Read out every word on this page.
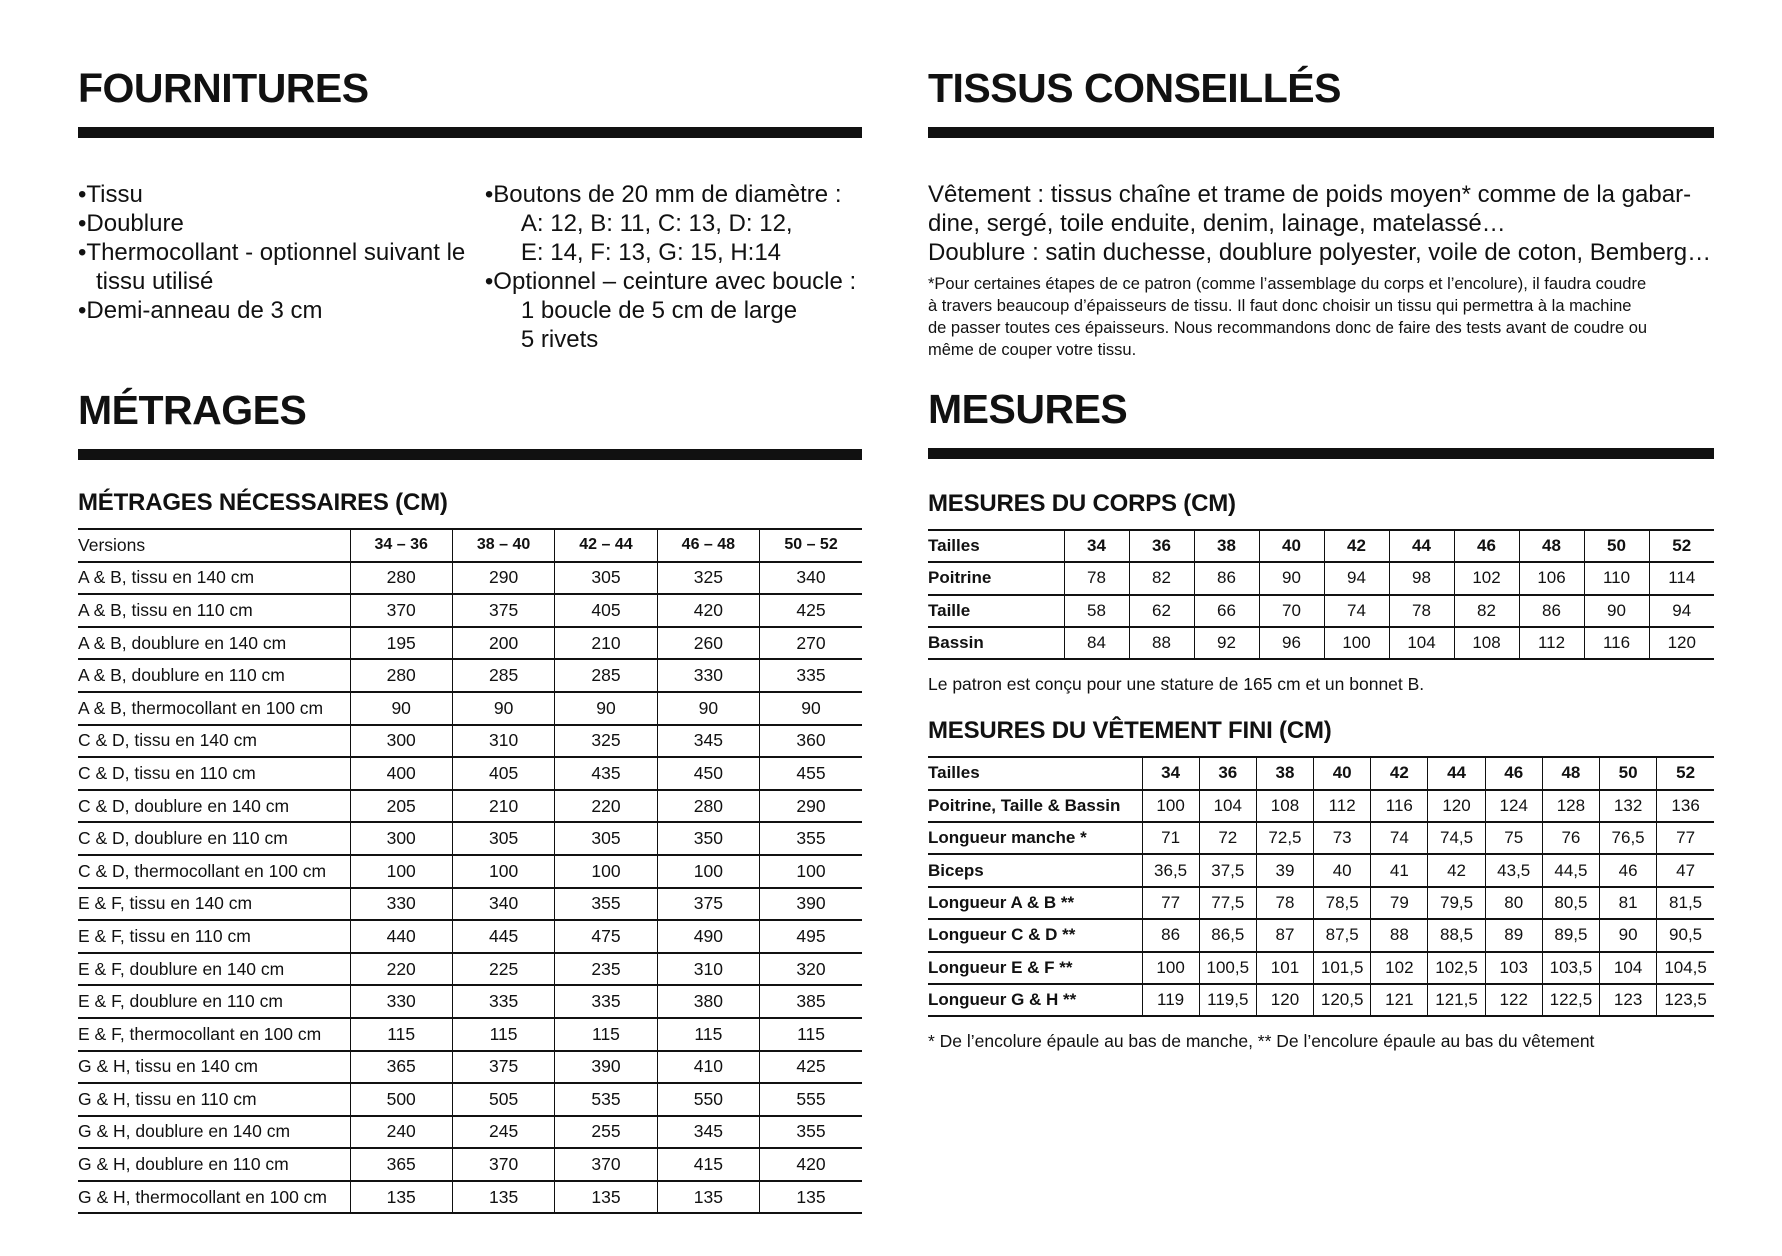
FOURNITURES
• Tissu
• Doublure
• Thermocollant - optionnel suivant le tissu utilisé
• Demi-anneau de 3 cm
• Boutons de 20 mm de diamètre :
A: 12, B: 11, C: 13, D: 12,
E: 14, F: 13, G: 15, H:14
• Optionnel – ceinture avec boucle :
1 boucle de 5 cm de large
5 rivets
MÉTRAGES
MÉTRAGES NÉCESSAIRES (CM)
Versions	34 – 36	38 – 40	42 – 44	46 – 48	50 – 52
A & B, tissu en 140 cm	280	290	305	325	340
A & B, tissu en 110 cm	370	375	405	420	425
A & B, doublure en 140 cm	195	200	210	260	270
A & B, doublure en 110 cm	280	285	285	330	335
A & B, thermocollant en 100 cm	90	90	90	90	90
C & D, tissu en 140 cm	300	310	325	345	360
C & D, tissu en 110 cm	400	405	435	450	455
C & D, doublure en 140 cm	205	210	220	280	290
C & D, doublure en 110 cm	300	305	305	350	355
C & D, thermocollant en 100 cm	100	100	100	100	100
E & F, tissu en 140 cm	330	340	355	375	390
E & F, tissu en 110 cm	440	445	475	490	495
E & F, doublure en 140 cm	220	225	235	310	320
E & F, doublure en 110 cm	330	335	335	380	385
E & F, thermocollant en 100 cm	115	115	115	115	115
G & H, tissu en 140 cm	365	375	390	410	425
G & H, tissu en 110 cm	500	505	535	550	555
G & H, doublure en 140 cm	240	245	255	345	355
G & H, doublure en 110 cm	365	370	370	415	420
G & H, thermocollant en 100 cm	135	135	135	135	135
TISSUS CONSEILLÉS
Vêtement : tissus chaîne et trame de poids moyen* comme de la gabar-
dine, sergé, toile enduite, denim, lainage, matelassé…
Doublure : satin duchesse, doublure polyester, voile de coton, Bemberg…
*Pour certaines étapes de ce patron (comme l’assemblage du corps et l’encolure), il faudra coudre
à travers beaucoup d’épaisseurs de tissu. Il faut donc choisir un tissu qui permettra à la machine
de passer toutes ces épaisseurs. Nous recommandons donc de faire des tests avant de coudre ou
même de couper votre tissu.
MESURES
MESURES DU CORPS (CM)
Tailles	34	36	38	40	42	44	46	48	50	52
Poitrine	78	82	86	90	94	98	102	106	110	114
Taille	58	62	66	70	74	78	82	86	90	94
Bassin	84	88	92	96	100	104	108	112	116	120
Le patron est conçu pour une stature de 165 cm et un bonnet B.
MESURES DU VÊTEMENT FINI (CM)
Tailles	34	36	38	40	42	44	46	48	50	52
Poitrine, Taille & Bassin	100	104	108	112	116	120	124	128	132	136
Longueur manche *	71	72	72,5	73	74	74,5	75	76	76,5	77
Biceps	36,5	37,5	39	40	41	42	43,5	44,5	46	47
Longueur A & B **	77	77,5	78	78,5	79	79,5	80	80,5	81	81,5
Longueur C & D **	86	86,5	87	87,5	88	88,5	89	89,5	90	90,5
Longueur E & F **	100	100,5	101	101,5	102	102,5	103	103,5	104	104,5
Longueur G & H **	119	119,5	120	120,5	121	121,5	122	122,5	123	123,5
* De l’encolure épaule au bas de manche, ** De l’encolure épaule au bas du vêtement
